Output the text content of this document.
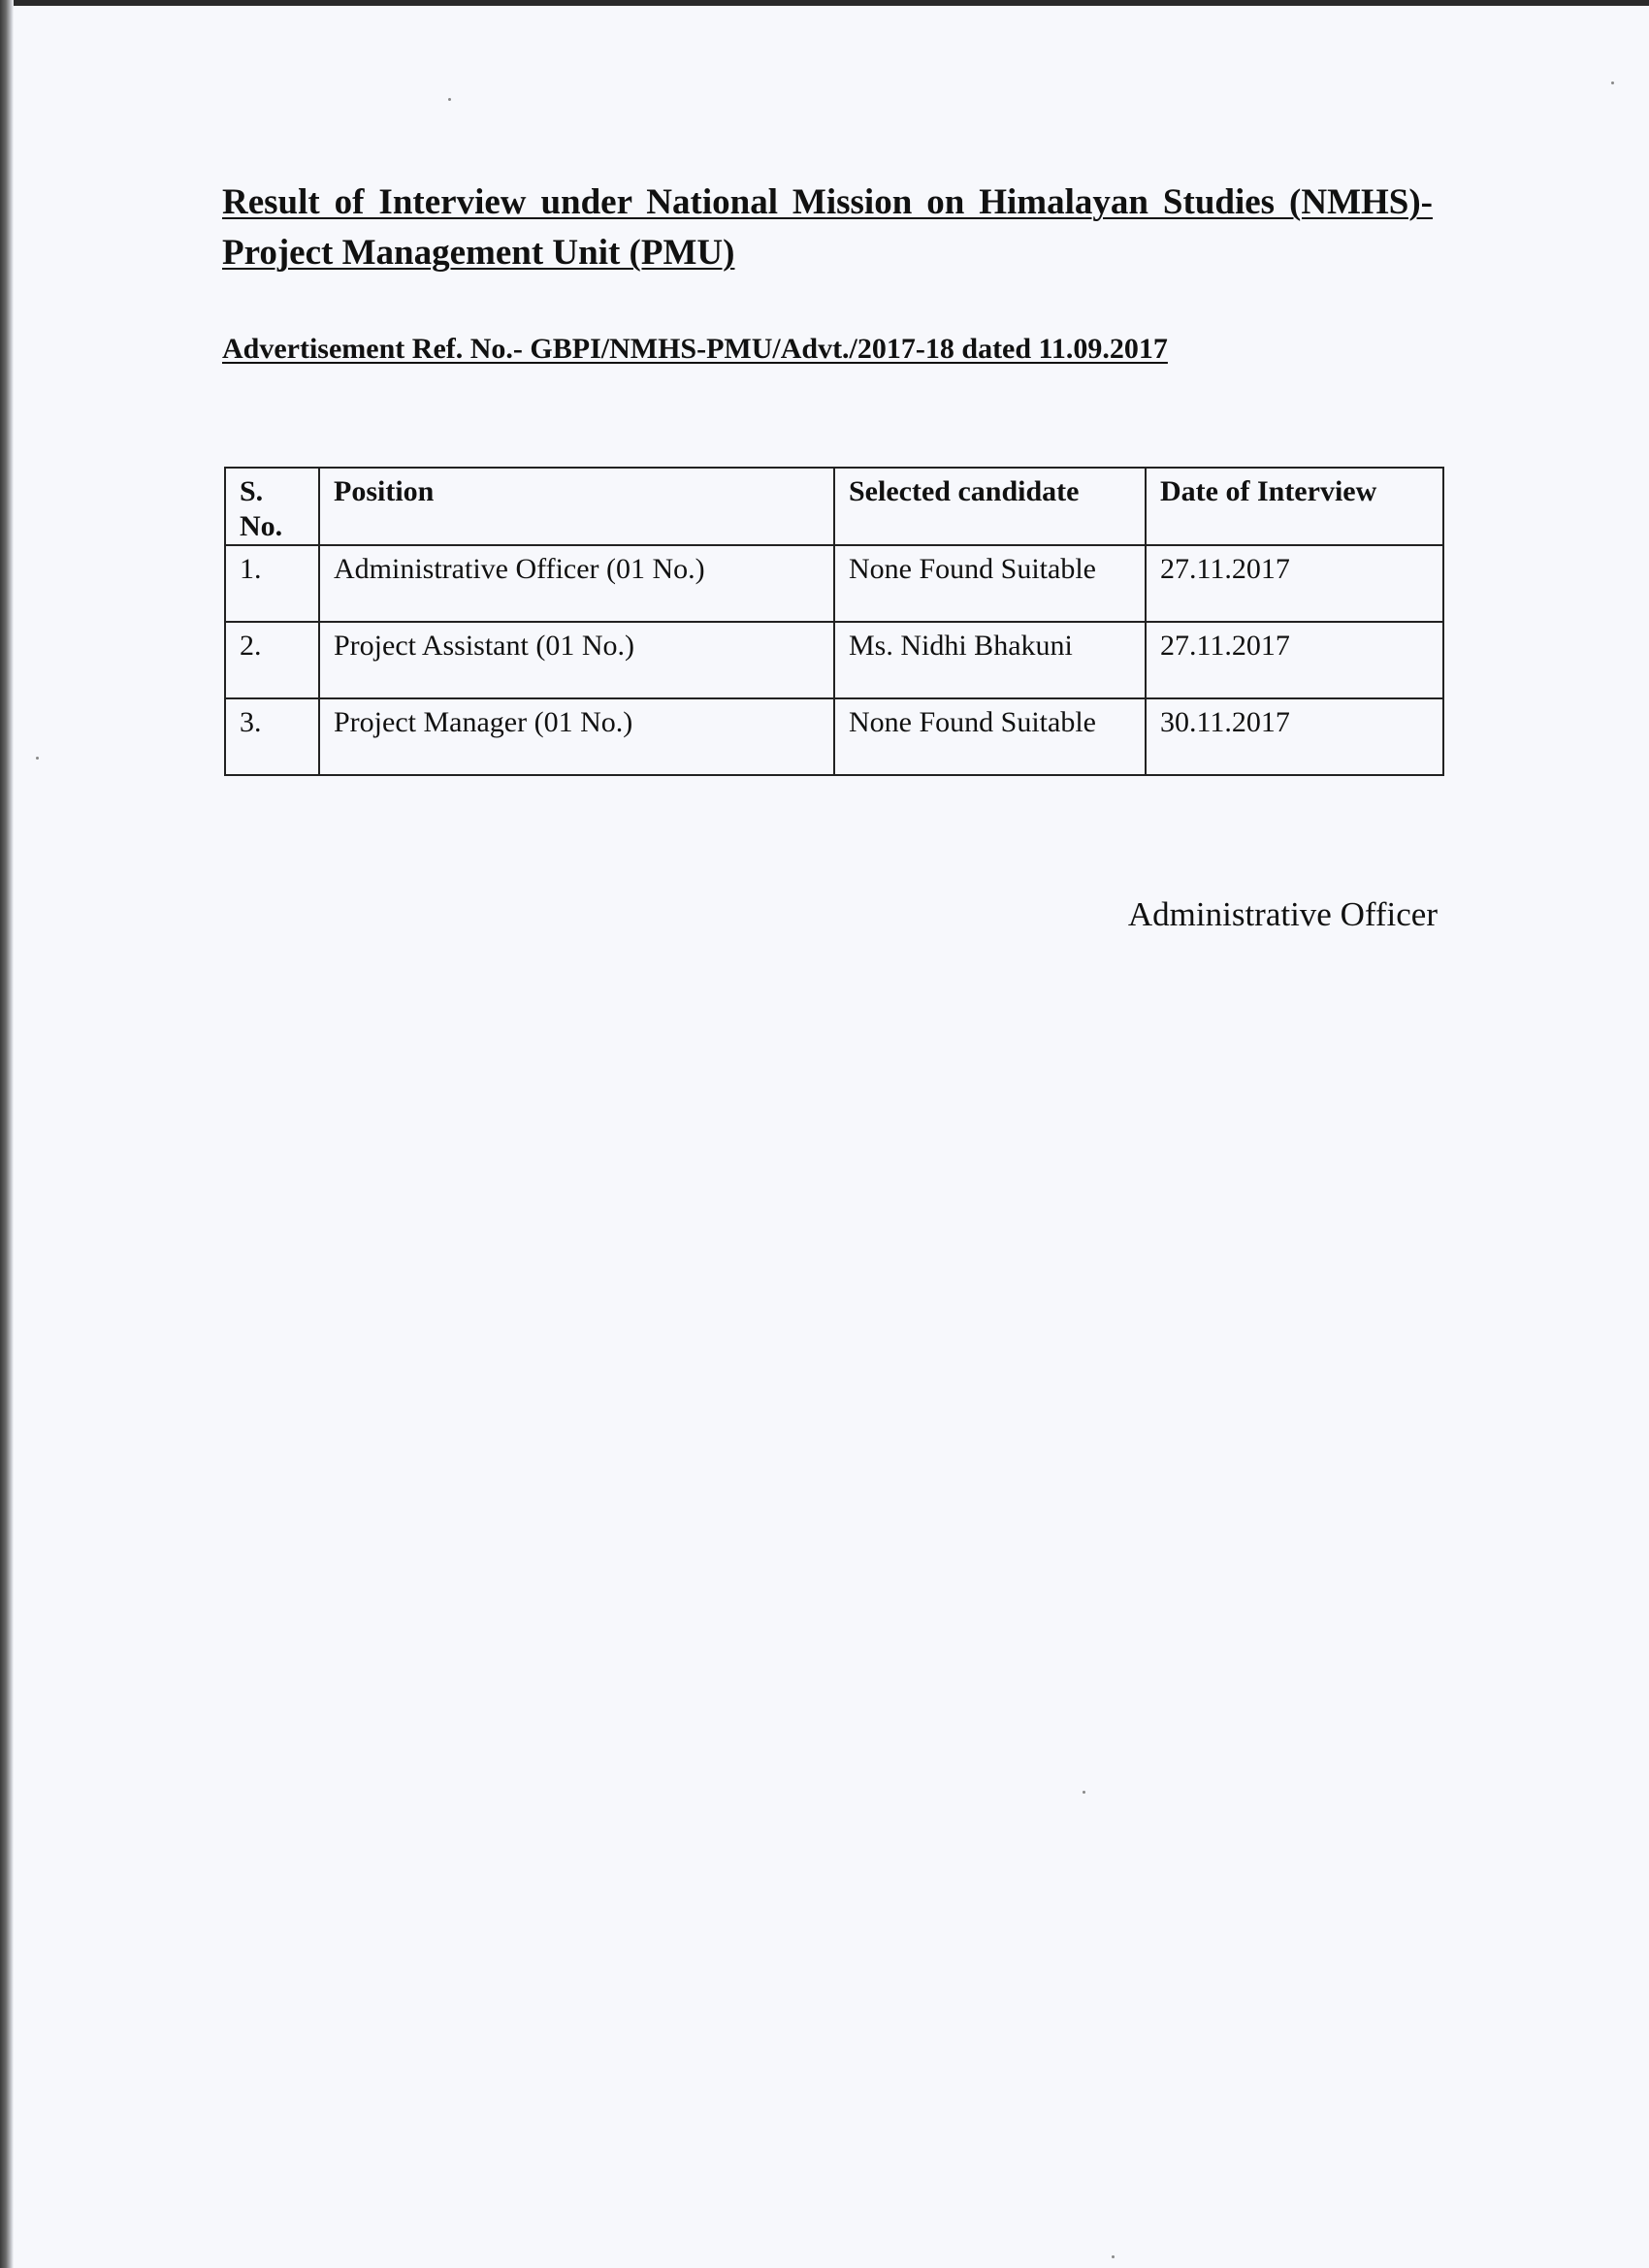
Result of Interview under National Mission on Himalayan Studies (NMHS)-Project Management Unit (PMU)

Advertisement Ref. No.- GBPI/NMHS-PMU/Advt./2017-18 dated 11.09.2017

S. No.	Position	Selected candidate	Date of Interview
1.	Administrative Officer (01 No.)	None Found Suitable	27.11.2017
2.	Project Assistant (01 No.)	Ms. Nidhi Bhakuni	27.11.2017
3.	Project Manager (01 No.)	None Found Suitable	30.11.2017

Administrative Officer
